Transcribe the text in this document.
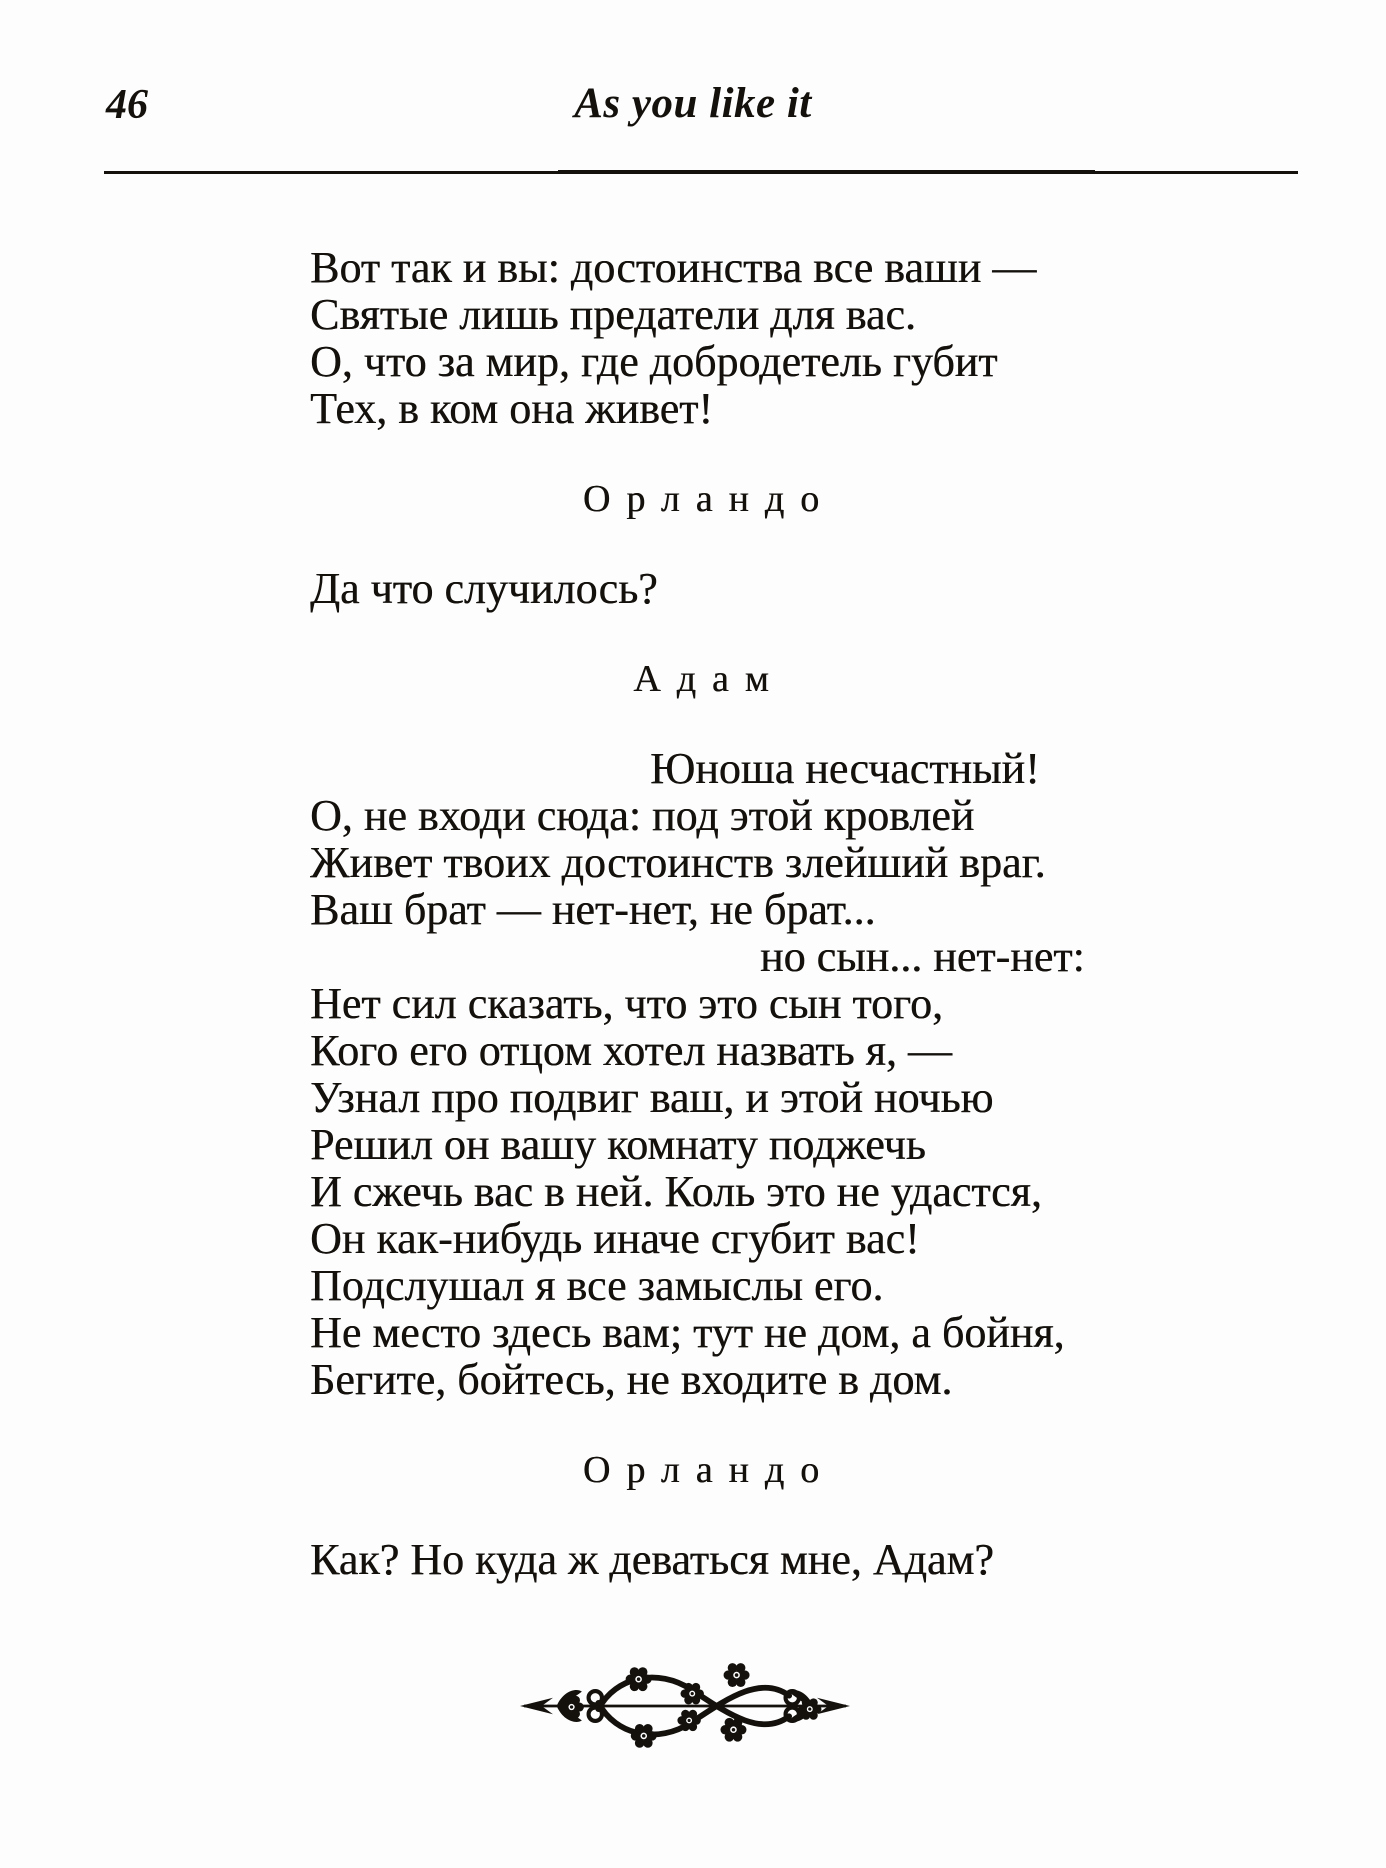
46	As you like it
Вот так и вы: достоинства все ваши —
Святые лишь предатели для вас.
О, что за мир, где добродетель губит
Тех, в ком она живет!
Орландо
Да что случилось?
Адам
Юноша несчастный!
О, не входи сюда: под этой кровлей
Живет твоих достоинств злейший враг.
Ваш брат — нет-нет, не брат...
но сын... нет-нет:
Нет сил сказать, что это сын того,
Кого его отцом хотел назвать я, —
Узнал про подвиг ваш, и этой ночью
Решил он вашу комнату поджечь
И сжечь вас в ней. Коль это не удастся,
Он как-нибудь иначе сгубит вас!
Подслушал я все замыслы его.
Не место здесь вам; тут не дом, а бойня,
Бегите, бойтесь, не входите в дом.
Орландо
Как? Но куда ж деваться мне, Адам?
